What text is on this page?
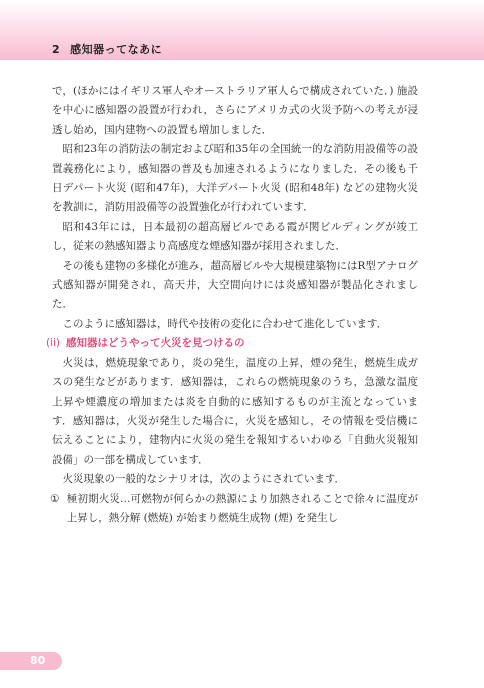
2 感知器ってなあに

で，(ほかにはイギリス軍人やオーストラリア軍人らで構成されていた．) 施設を中心に感知器の設置が行われ，さらにアメリカ式の火災予防への考えが浸透し始め，国内建物への設置も増加しました．

昭和23年の消防法の制定および昭和35年の全国統一的な消防用設備等の設置義務化により，感知器の普及も加速されるようになりました．その後も千日デパート火災 (昭和47年)，大洋デパート火災 (昭和48年) などの建物火災を教訓に，消防用設備等の設置強化が行われています．

昭和43年には，日本最初の超高層ビルである霞が関ビルディングが竣工し，従来の熱感知器より高感度な煙感知器が採用されました．

その後も建物の多様化が進み，超高層ビルや大規模建築物にはR型アナログ式感知器が開発され，高天井，大空間向けには炎感知器が製品化されました．

このように感知器は，時代や技術の変化に合わせて進化しています．

(ii) 感知器はどうやって火災を見つけるの

火災は，燃焼現象であり，炎の発生，温度の上昇，煙の発生，燃焼生成ガスの発生などがあります．感知器は，これらの燃焼現象のうち，急激な温度上昇や煙濃度の増加または炎を自動的に感知するものが主流となっています．感知器は，火災が発生した場合に，火災を感知し，その情報を受信機に伝えることにより，建物内に火災の発生を報知するいわゆる「自動火災報知設備」の一部を構成しています．

火災現象の一般的なシナリオは，次のようにされています．

① 極初期火災…可燃物が何らかの熱源により加熱されることで徐々に温度が上昇し，熱分解 (燃焼) が始まり燃焼生成物 (煙) を発生し
80
